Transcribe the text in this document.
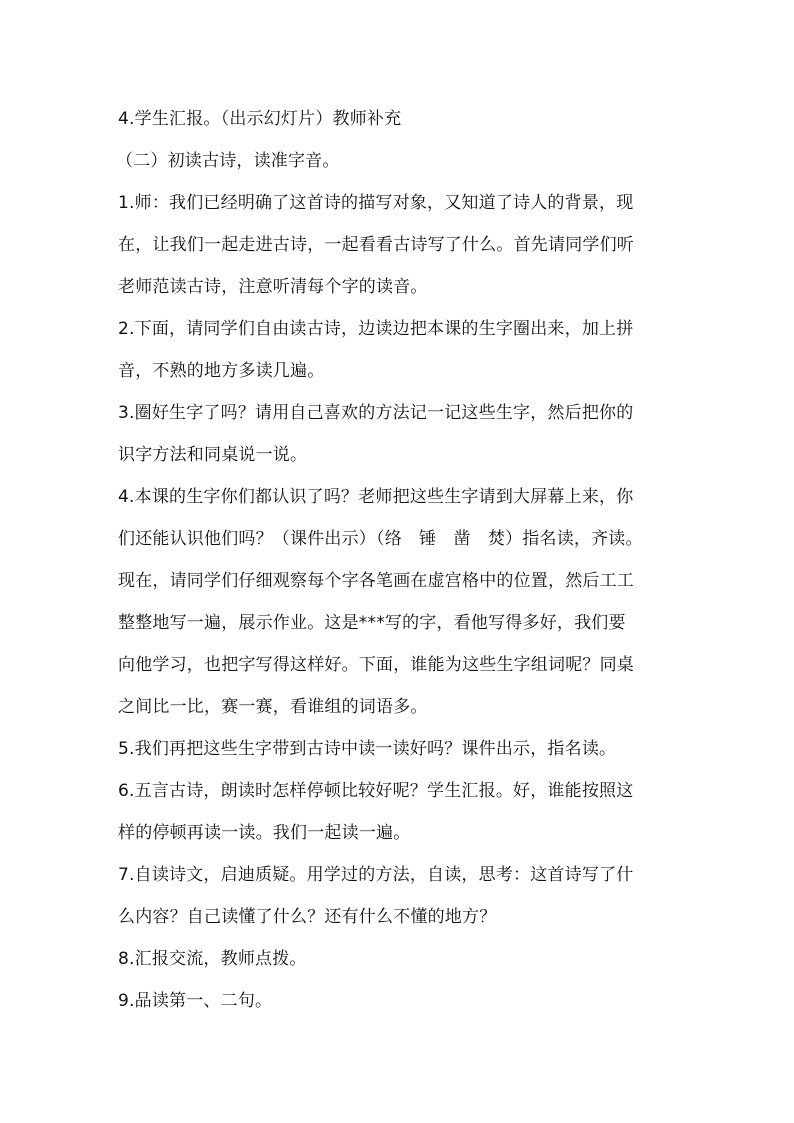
4.学生汇报。（出示幻灯片）教师补充
（二）初读古诗，读准字音。
1.师：我们已经明确了这首诗的描写对象，又知道了诗人的背景，现
在，让我们一起走进古诗，一起看看古诗写了什么。首先请同学们听
老师范读古诗，注意听清每个字的读音。
2.下面，请同学们自由读古诗，边读边把本课的生字圈出来，加上拼
音，不熟的地方多读几遍。
3.圈好生字了吗？请用自己喜欢的方法记一记这些生字，然后把你的
识字方法和同桌说一说。
4.本课的生字你们都认识了吗？老师把这些生字请到大屏幕上来，你
们还能认识他们吗？（课件出示）（络　锤　凿　焚）指名读，齐读。
现在，请同学们仔细观察每个字各笔画在虚宫格中的位置，然后工工
整整地写一遍，展示作业。这是***写的字，看他写得多好，我们要
向他学习，也把字写得这样好。下面，谁能为这些生字组词呢？同桌
之间比一比，赛一赛，看谁组的词语多。
5.我们再把这些生字带到古诗中读一读好吗？课件出示，指名读。
6.五言古诗，朗读时怎样停顿比较好呢？学生汇报。好，谁能按照这
样的停顿再读一读。我们一起读一遍。
7.自读诗文，启迪质疑。用学过的方法，自读，思考：这首诗写了什
么内容？自己读懂了什么？还有什么不懂的地方？
8.汇报交流，教师点拨。
9.品读第一、二句。
